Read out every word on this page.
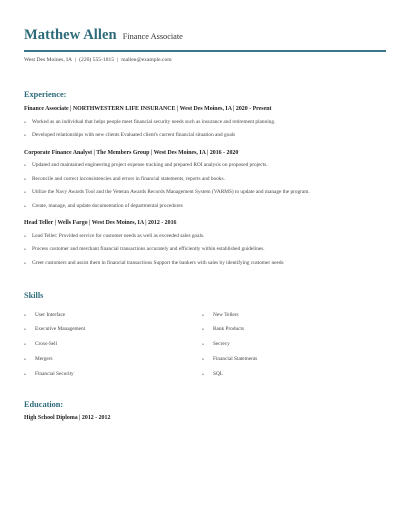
Matthew Allen Finance Associate
West Des Moines, IA | (220) 555-1815 | mallen@example.com
Experience:
Finance Associate | NORTHWESTERN LIFE INSURANCE | West Des Moines, IA | 2020 - Present
• Worked as an individual that helps people meet financial security needs such as insurance and retirement planning.
• Developed relationships with new clients Evaluated client's current financial situation and goals
Corporate Finance Analyst | The Members Group | West Des Moines, IA | 2016 - 2020
• Updated and maintained engineering project expense tracking and prepared ROI analysis on proposed projects.
• Reconcile and correct inconsistencies and errors in financial statements, reports and books.
• Utilize the Navy Awards Tool and the Veteran Awards Records Management System (VARMS) to update and manage the program.
• Create, manage, and update documentation of departmental procedures
Head Teller | Wells Fargo | West Des Moines, IA | 2012 - 2016
• Lead Teller: Provided service for customer needs as well as exceeded sales goals.
• Process customer and merchant financial transactions accurately and efficiently within established guidelines.
• Greet customers and assist them in financial transactions Support the bankers with sales by identifying customer needs
Skills
• User Interface	• New Tellers
• Executive Management	• Bank Products
• Cross-Sell	• Secrecy
• Mergers	• Financial Statements
• Financial Security	• SQL
Education:
High School Diploma | 2012 - 2012
